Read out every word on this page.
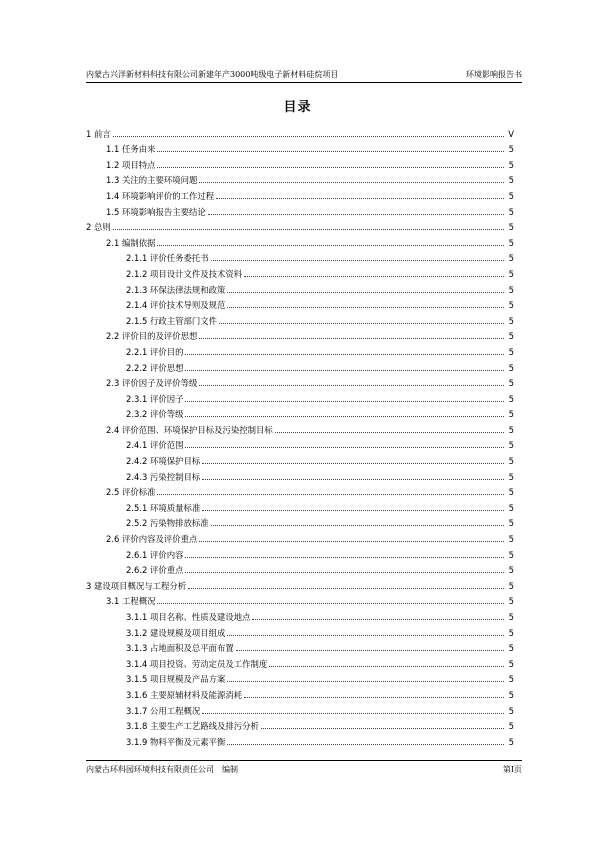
内蒙古兴洋新材料科技有限公司新建年产3000吨级电子新材料硅烷项目	环境影响报告书

目录
1 前言	Ⅴ
1.1 任务由来	5
1.2 项目特点	5
1.3 关注的主要环境问题	5
1.4 环境影响评价的工作过程	5
1.5 环境影响报告主要结论	5
2 总则	5
2.1 编制依据	5
2.1.1 评价任务委托书	5
2.1.2 项目设计文件及技术资料	5
2.1.3 环保法律法规和政策	5
2.1.4 评价技术导则及规范	5
2.1.5 行政主管部门文件	5
2.2 评价目的及评价思想	5
2.2.1 评价目的	5
2.2.2 评价思想	5
2.3 评价因子及评价等级	5
2.3.1 评价因子	5
2.3.2 评价等级	5
2.4 评价范围、环境保护目标及污染控制目标	5
2.4.1 评价范围	5
2.4.2 环境保护目标	5
2.4.3 污染控制目标	5
2.5 评价标准	5
2.5.1 环境质量标准	5
2.5.2 污染物排放标准	5
2.6 评价内容及评价重点	5
2.6.1 评价内容	5
2.6.2 评价重点	5
3 建设项目概况与工程分析	5
3.1 工程概况	5
3.1.1 项目名称、性质及建设地点	5
3.1.2 建设规模及项目组成	5
3.1.3 占地面积及总平面布置	5
3.1.4 项目投资、劳动定员及工作制度	5
3.1.5 项目规模及产品方案	5
3.1.6 主要原辅材料及能源消耗	5
3.1.7 公用工程概况	5
3.1.8 主要生产工艺路线及排污分析	5
3.1.9 物料平衡及元素平衡	5
内蒙古环科园环境科技有限责任公司　编制	第I页
